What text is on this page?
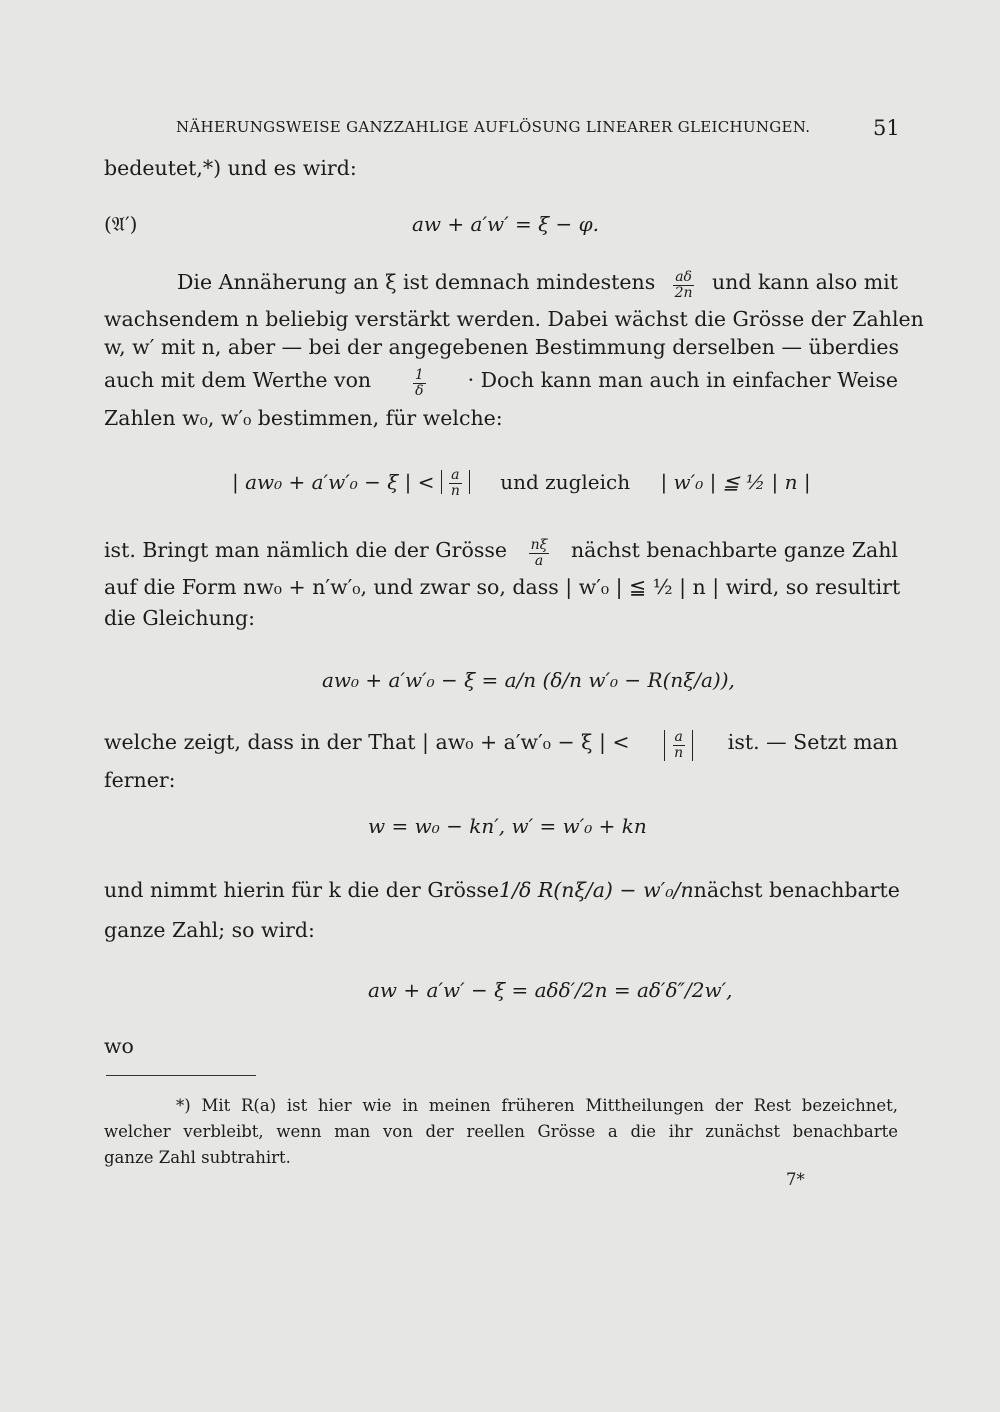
NÄHERUNGSWEISE GANZZAHLIGE AUFLÖSUNG LINEARER GLEICHUNGEN.	51
bedeutet,*) und es wird:
(𝔄′)	aw + a′w′ = ξ − φ.
Die Annäherung an ξ ist demnach mindestens $\frac{a\delta}{2n}$ und kann also mit
wachsendem n beliebig verstärkt werden. Dabei wächst die Grösse der Zahlen
w, w′ mit n, aber — bei der angegebenen Bestimmung derselben — überdies
auch mit dem Werthe von	$\frac{1}{\delta}$ · Doch kann man auch in einfacher Weise
Zahlen w₀, w′₀ bestimmen, für welche:
| aw₀ + a′w′₀ − ξ | < $\frac{a}{n}$ und zugleich | w′₀ | ≦ ½ | n |
ist. Bringt man nämlich die der Grösse $\frac{n\xi}{a}$ nächst benachbarte ganze Zahl
auf die Form nw₀ + n′w′₀, und zwar so, dass | w′₀ | ≦ ½ | n | wird, so resultirt
die Gleichung:
aw₀ + a′w′₀ − ξ = a/n (δ/n w′₀ − R(nξ/a)),
welche zeigt, dass in der That | aw₀ + a′w′₀ − ξ | <	$\frac{a}{n}$ ist. — Setzt man
ferner:
w = w₀ − kn′, w′ = w′₀ + kn
und nimmt hierin für k die der Grösse 1/δ R(nξ/a) − w′₀/n nächst benachbarte
ganze Zahl; so wird:
aw + a′w′ − ξ = aδδ′/2n = aδ′δ″/2w′,
wo
*) Mit R(a) ist hier wie in meinen früheren Mittheilungen der Rest bezeichnet,
welcher verbleibt, wenn man von der reellen Grösse a die ihr zunächst benachbarte
ganze Zahl subtrahirt.
7*
